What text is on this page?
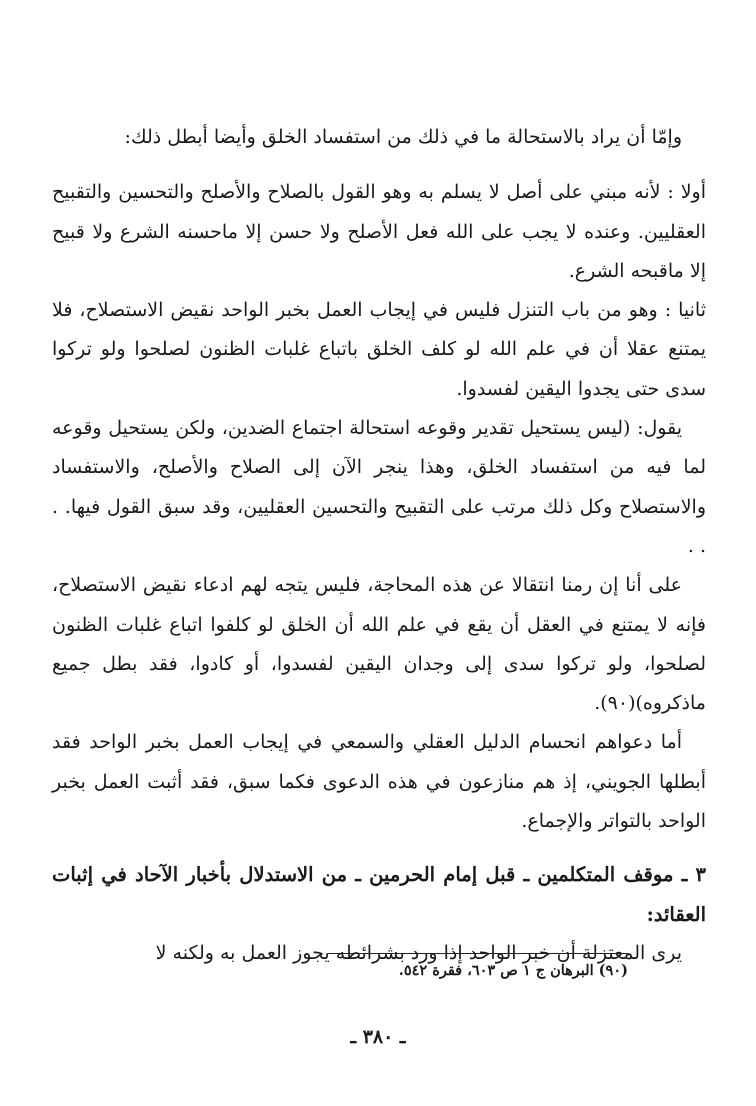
وإمّا أن يراد بالاستحالة ما في ذلك من استفساد الخلق وأيضا أبطل ذلك:

أولا : لأنه مبني على أصل لا يسلم به وهو القول بالصلاح والأصلح والتحسين والتقبيح العقليين. وعنده لا يجب على الله فعل الأصلح ولا حسن إلا ماحسنه الشرع ولا قبيح إلا ماقبحه الشرع.

ثانيا : وهو من باب التنزل فليس في إيجاب العمل بخبر الواحد نقيض الاستصلاح، فلا يمتنع عقلا أن في علم الله لو كلف الخلق باتباع غلبات الظنون لصلحوا ولو تركوا سدى حتى يجدوا اليقين لفسدوا.

يقول: (ليس يستحيل تقدير وقوعه استحالة اجتماع الضدين، ولكن يستحيل وقوعه لما فيه من استفساد الخلق، وهذا ينجر الآن إلى الصلاح والأصلح، والاستفساد والاستصلاح وكل ذلك مرتب على التقبيح والتحسين العقليين، وقد سبق القول فيها. . . .

على أنا إن رمنا انتقالا عن هذه المحاجة، فليس يتجه لهم ادعاء نقيض الاستصلاح، فإنه لا يمتنع في العقل أن يقع في علم الله أن الخلق لو كلفوا اتباع غلبات الظنون لصلحوا، ولو تركوا سدى إلى وجدان اليقين لفسدوا، أو كادوا، فقد بطل جميع ماذكروه)(٩٠).

أما دعواهم انحسام الدليل العقلي والسمعي في إيجاب العمل بخبر الواحد فقد أبطلها الجويني، إذ هم منازعون في هذه الدعوى فكما سبق، فقد أثبت العمل بخبر الواحد بالتواتر والإجماع.

٣ ـ موقف المتكلمين ـ قبل إمام الحرمين ـ من الاستدلال بأخبار الآحاد في إثبات العقائد:

يرى المعتزلة أن خبر الواحد إذا ورد بشرائطه يجوز العمل به ولكنه لا

(٩٠) البرهان ج ١ ص ٦٠٣، فقرة ٥٤٢.
ـ ٣٨٠ ـ
